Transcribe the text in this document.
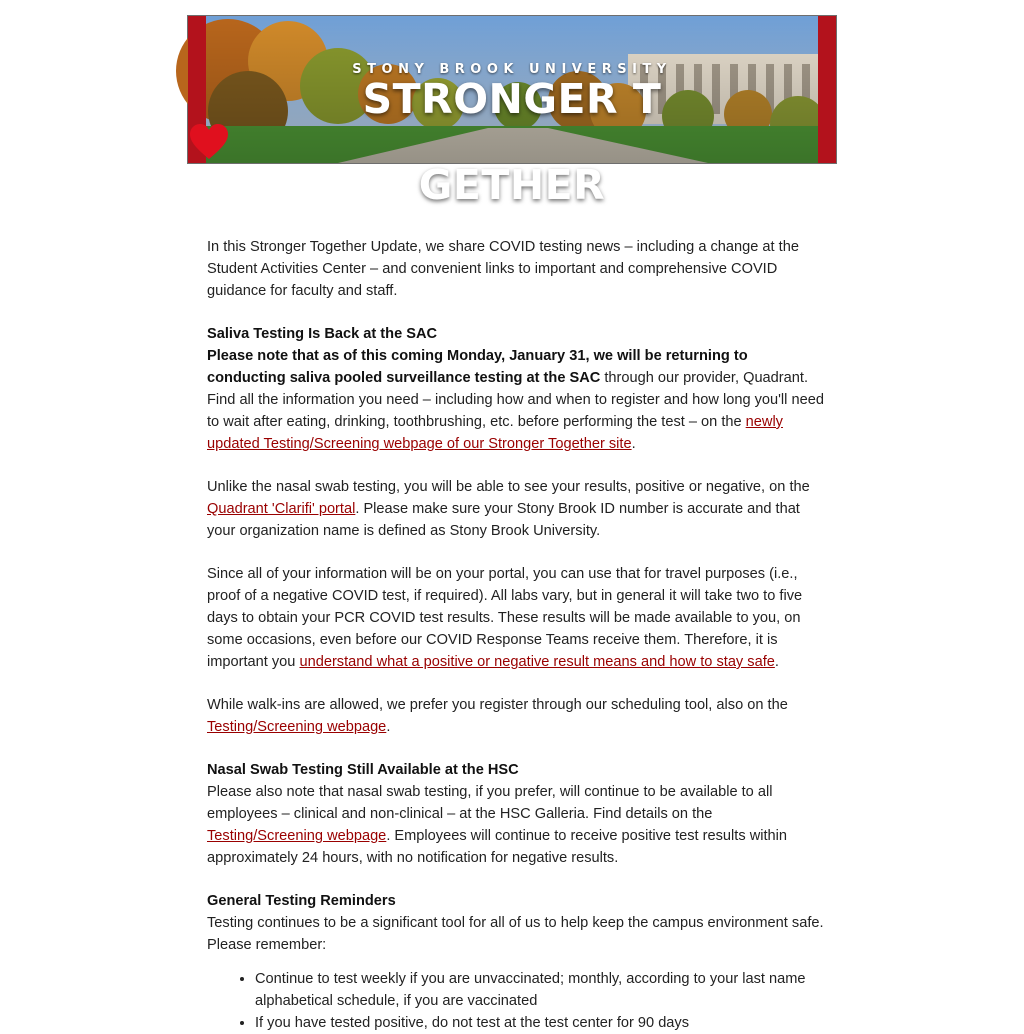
STONY BROOK UNIVERSITY
STRONGER T
GETHER

In this Stronger Together Update, we share COVID testing news – including a change at the Student Activities Center – and convenient links to important and comprehensive COVID guidance for faculty and staff.

Saliva Testing Is Back at the SAC
Please note that as of this coming Monday, January 31, we will be returning to conducting saliva pooled surveillance testing at the SAC through our provider, Quadrant. Find all the information you need – including how and when to register and how long you'll need to wait after eating, drinking, toothbrushing, etc. before performing the test – on the newly updated Testing/Screening webpage of our Stronger Together site.

Unlike the nasal swab testing, you will be able to see your results, positive or negative, on the Quadrant 'Clarifi' portal. Please make sure your Stony Brook ID number is accurate and that your organization name is defined as Stony Brook University.

Since all of your information will be on your portal, you can use that for travel purposes (i.e., proof of a negative COVID test, if required). All labs vary, but in general it will take two to five days to obtain your PCR COVID test results. These results will be made available to you, on some occasions, even before our COVID Response Teams receive them. Therefore, it is important you understand what a positive or negative result means and how to stay safe.

While walk-ins are allowed, we prefer you register through our scheduling tool, also on the Testing/Screening webpage.

Nasal Swab Testing Still Available at the HSC
Please also note that nasal swab testing, if you prefer, will continue to be available to all employees – clinical and non-clinical – at the HSC Galleria. Find details on the Testing/Screening webpage. Employees will continue to receive positive test results within approximately 24 hours, with no notification for negative results.

General Testing Reminders
Testing continues to be a significant tool for all of us to help keep the campus environment safe. Please remember:

• Continue to test weekly if you are unvaccinated; monthly, according to your last name alphabetical schedule, if you are vaccinated
• If you have tested positive, do not test at the test center for 90 days
